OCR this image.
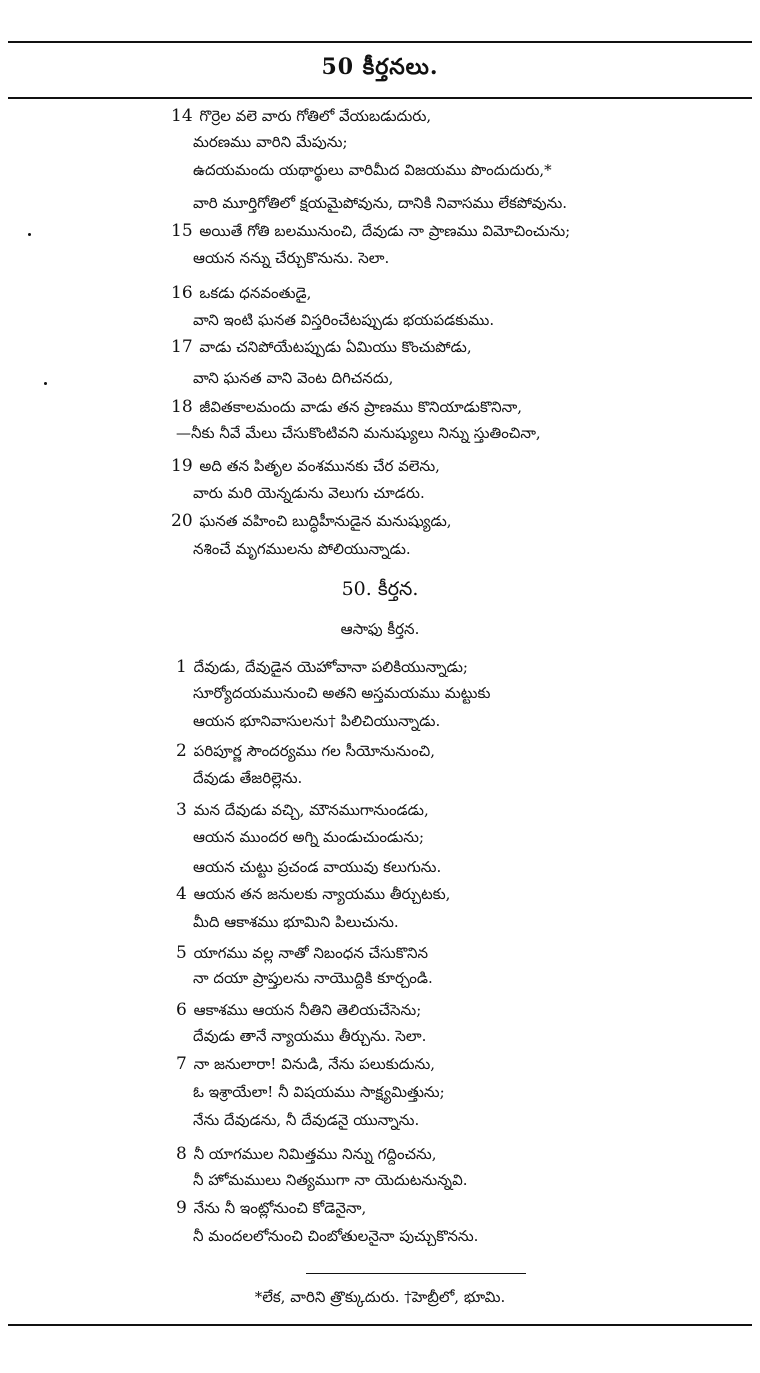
50 కీర్తనలు.
14 గొర్రెల వలె వారు గోతిలో వేయబడుదురు,
మరణము వారిని మేపును;
ఉదయమందు యథార్థులు వారిమీద విజయము పొందుదురు,*
వారి మూర్తిగోతిలో క్షయమైపోవును, దానికి నివాసము లేకపోవును.
15 అయితే గోతి బలమునుంచి, దేవుడు నా ప్రాణము విమోచించును;
ఆయన నన్ను చేర్చుకొనును. సెలా.
16 ఒకడు ధనవంతుడై,
వాని ఇంటి ఘనత విస్తరించేటప్పుడు భయపడకుము.
17 వాడు చనిపోయేటప్పుడు ఏమియు కొంచుపోడు,
వాని ఘనత వాని వెంట దిగిచనదు,
18 జీవితకాలమందు వాడు తన ప్రాణము కొనియాడుకొనినా,
—నీకు నీవే మేలు చేసుకొంటివని మనుష్యులు నిన్ను స్తుతించినా,
19 అది తన పితృల వంశమునకు చేర వలెను,
వారు మరి యెన్నడును వెలుగు చూడరు.
20 ఘనత వహించి బుద్ధిహీనుడైన మనుష్యుడు,
నశించే మృగములను పోలియున్నాడు.
50. కీర్తన.
ఆసాఫు కీర్తన.
1 దేవుడు, దేవుడైన యెహోవానా పలికియున్నాడు;
సూర్యోదయమునుంచి అతని అస్తమయము మట్టుకు
ఆయన భూనివాసులను† పిలిచియున్నాడు.
2 పరిపూర్ణ సౌందర్యము గల సీయోనునుంచి,
దేవుడు తేజరిల్లెను.
3 మన దేవుడు వచ్చి, మౌనముగానుండడు,
ఆయన ముందర అగ్ని మండుచుండును;
ఆయన చుట్టు ప్రచండ వాయువు కలుగును.
4 ఆయన తన జనులకు న్యాయము తీర్చుటకు,
మీది ఆకాశము భూమిని పిలుచును.
5 యాగము వల్ల నాతో నిబంధన చేసుకొనిన
నా దయా ప్రాప్తులను నాయొద్దికి కూర్చండి.
6 ఆకాశము ఆయన నీతిని తెలియచేసెను;
దేవుడు తానే న్యాయము తీర్చును. సెలా.
7 నా జనులారా! వినుడి, నేను పలుకుదును,
ఓ ఇశ్రాయేలా! నీ విషయము సాక్ష్యమిత్తును;
నేను దేవుడను, నీ దేవుడనై యున్నాను.
8 నీ యాగముల నిమిత్తము నిన్ను గద్దించను,
నీ హోమములు నిత్యముగా నా యెదుటనున్నవి.
9 నేను నీ ఇంట్లోనుంచి కోడెనైనా,
నీ మందలలోనుంచి చింబోతులనైనా పుచ్చుకొనను.
*లేక, వారిని త్రొక్కుదురు. †హెబ్రీలో, భూమి.
